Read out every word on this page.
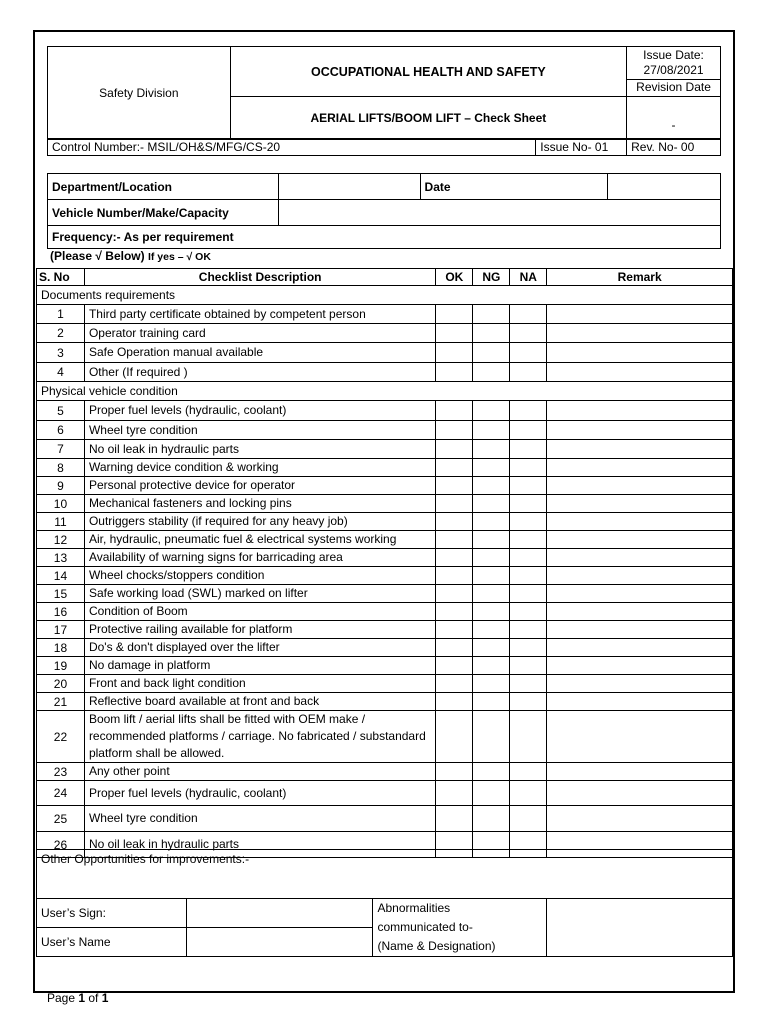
Safety Division	OCCUPATIONAL HEALTH AND SAFETY	Issue Date:
27/08/2021
Revision Date

	AERIAL LIFTS/BOOM LIFT – Check Sheet	-
Control Number:- MSIL/OH&S/MFG/CS-20	Issue No- 01	Rev. No- 00
Department/Location		Date	
Vehicle Number/Make/Capacity			
Frequency:- As per requirement			
(Please √ Below) If yes – √ OK
S. No	Checklist Description	OK	NG	NA	Remark
Documents requirements					
1	Third party certificate obtained by competent person				
2	Operator training card				
3	Safe Operation manual available				
4	Other (If required )				
Physical vehicle condition					
5	Proper fuel levels (hydraulic, coolant)				
6	Wheel tyre condition				
7	No oil leak in hydraulic parts				
8	Warning device condition & working				
9	Personal protective device for operator				
10	Mechanical fasteners and locking pins				
11	Outriggers stability (if required for any heavy job)				
12	Air, hydraulic, pneumatic fuel & electrical systems working				
13	Availability of warning signs for barricading area				
14	Wheel chocks/stoppers condition				
15	Safe working load (SWL) marked on lifter				
16	Condition of Boom				
17	Protective railing available for platform				
18	Do's & don't displayed over the lifter				
19	No damage in platform				
20	Front and back light condition				
21	Reflective board available at front and back				
22	Boom lift / aerial lifts shall be fitted with OEM make / recommended platforms / carriage. No fabricated / substandard platform shall be allowed.				
23	Any other point				
24	Proper fuel levels (hydraulic, coolant)				
25	Wheel tyre condition				
26	No oil leak in hydraulic parts				
Other Opportunities for improvements:-
User’s Sign:		Abnormalities
communicated to-
(Name & Designation)	

User’s Name			
Page 1 of 1
